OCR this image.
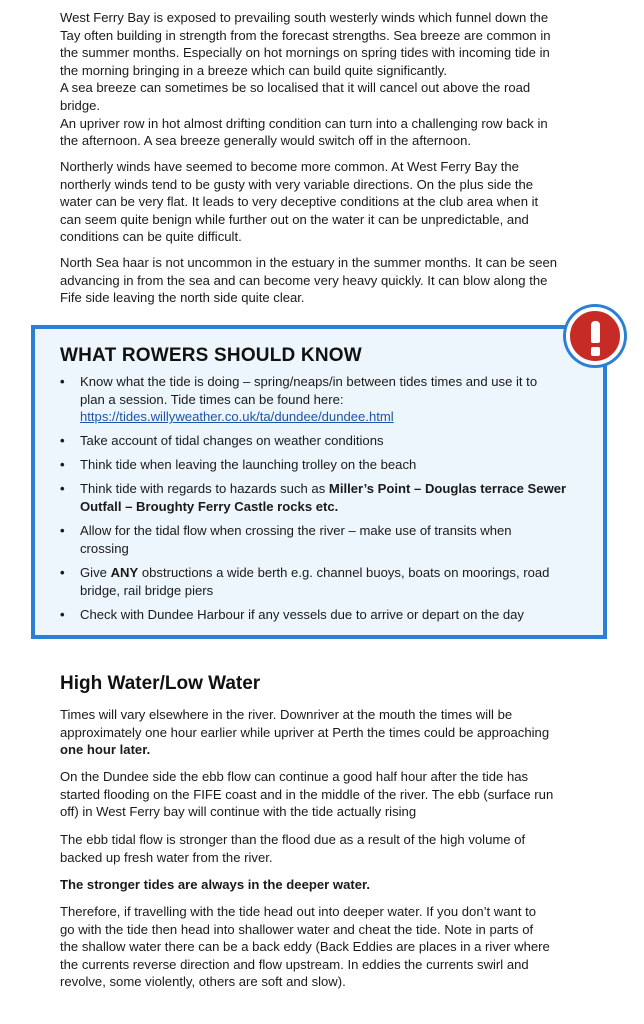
West Ferry Bay is exposed to prevailing south westerly winds which funnel down the
Tay often building in strength from the forecast strengths. Sea breeze are common in
the summer months. Especially on hot mornings on spring tides with incoming tide in
the morning bringing in a breeze which can build quite significantly.
A sea breeze can sometimes be so localised that it will cancel out above the road
bridge.
An upriver row in hot almost drifting condition can turn into a challenging row back in
the afternoon. A sea breeze generally would switch off in the afternoon.
Northerly winds have seemed to become more common. At West Ferry Bay the
northerly winds tend to be gusty with very variable directions. On the plus side the
water can be very flat. It leads to very deceptive conditions at the club area when it
can seem quite benign while further out on the water it can be unpredictable, and
conditions can be quite difficult.
North Sea haar is not uncommon in the estuary in the summer months. It can be seen
advancing in from the sea and can become very heavy quickly. It can blow along the
Fife side leaving the north side quite clear.
WHAT ROWERS SHOULD KNOW
• Know what the tide is doing – spring/neaps/in between tides times and use it to
plan a session. Tide times can be found here:
https://tides.willyweather.co.uk/ta/dundee/dundee.html
• Take account of tidal changes on weather conditions
• Think tide when leaving the launching trolley on the beach
• Think tide with regards to hazards such as Miller’s Point – Douglas terrace Sewer
Outfall – Broughty Ferry Castle rocks etc.
• Allow for the tidal flow when crossing the river – make use of transits when
crossing
• Give ANY obstructions a wide berth e.g. channel buoys, boats on moorings, road
bridge, rail bridge piers
• Check with Dundee Harbour if any vessels due to arrive or depart on the day
High Water/Low Water
Times will vary elsewhere in the river. Downriver at the mouth the times will be
approximately one hour earlier while upriver at Perth the times could be approaching
one hour later.
On the Dundee side the ebb flow can continue a good half hour after the tide has
started flooding on the FIFE coast and in the middle of the river. The ebb (surface run
off) in West Ferry bay will continue with the tide actually rising
The ebb tidal flow is stronger than the flood due as a result of the high volume of
backed up fresh water from the river.
The stronger tides are always in the deeper water.
Therefore, if travelling with the tide head out into deeper water. If you don’t want to
go with the tide then head into shallower water and cheat the tide. Note in parts of
the shallow water there can be a back eddy (Back Eddies are places in a river where
the currents reverse direction and flow upstream. In eddies the currents swirl and
revolve, some violently, others are soft and slow).
